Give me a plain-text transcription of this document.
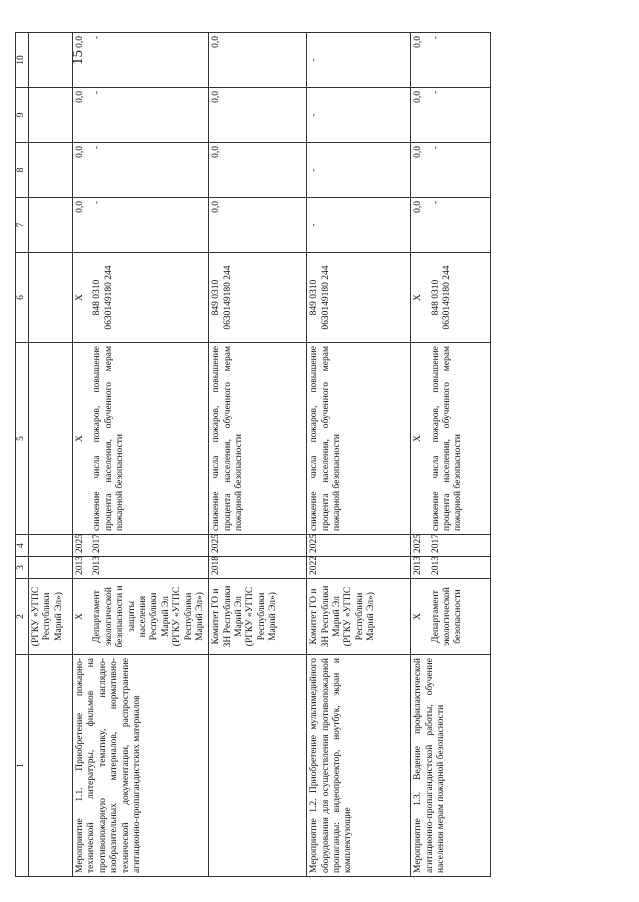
15
1	2	3	4	5	6	7	8	9	10
	(РГКУ «УГПС Республики Марий Эл»)								
Мероприятие 1.1. Приобретение пожарно-технической литературы, фильмов на противопожарную тематику, наглядно-изобразительных материалов, нормативно-технической документации, распространение агитационно-пропагандистских материалов	X Департамент экологической безопасности и защиты населения Республики Марий Эл (РГКУ «УГПС Республики Марий Эл»)	2013 2013	2025 2017	X снижение числа пожаров, повышение процента населения, обученного мерам пожарной безопасности	X 848 0310 0630149180 244	0,0 -	0,0 -	0,0 -	0,0 -

	Комитет ГО и ЗН Республики Марий Эл (РГКУ «УГПС Республики Марий Эл»)	2018	2025	снижение числа пожаров, повышение процента населения, обученного мерам пожарной безопасности	849 0310 0630149180 244	0,0	0,0	0,0	0,0
Мероприятие 1.2. Приобретение мультимедийного оборудования для осуществления противопожарной пропаганды: видеопроектор, ноутбук, экран и комплектующие	Комитет ГО и ЗН Республики Марий Эл (РГКУ «УГПС Республики Марий Эл»)	2022	2025	снижение числа пожаров, повышение процента населения, обученного мерам пожарной безопасности	849 0310 0630149180 244	-	-	-	-
Мероприятие 1.3. Ведение профилактической агитационно-пропагандистской работы, обучение населения мерам пожарной безопасности	X Департамент экологической безопасности	2013 2013	2025 2017	X снижение числа пожаров, повышение процента населения, обученного мерам пожарной безопасности	X 848 0310 0630149180 244	0,0 -	0,0 -	0,0 -	0,0 -
